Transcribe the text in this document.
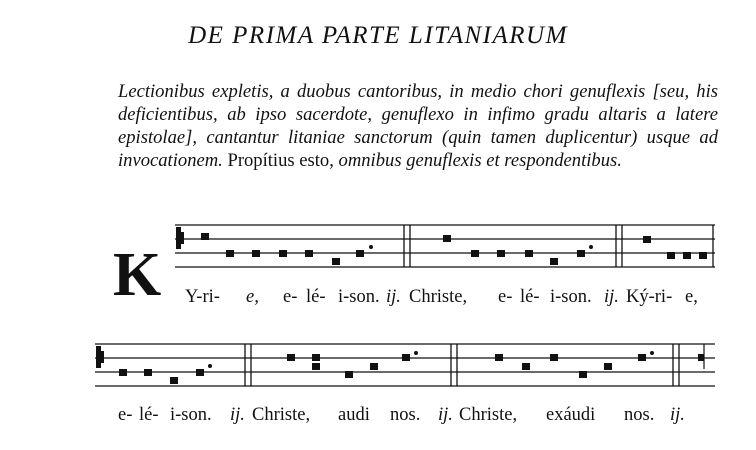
DE PRIMA PARTE LITANIARUM

Lectionibus expletis, a duobus cantoribus, in medio chori genuflexis [seu, his deficientibus, ab ipso sacerdote, genuflexo in infimo gradu altaris a latere epistolae], cantantur litaniae sanctorum (quin tamen duplicentur) usque ad invocationem. Propítius esto, omnibus genuflexis et respondentibus.

K Y-ri- e, e- lé- i-son. ij. Christe, e- lé- i-son. ij. Ký-ri- e,
e- lé- i-son. ij. Christe, audi nos. ij. Christe, exáudi nos. ij.
